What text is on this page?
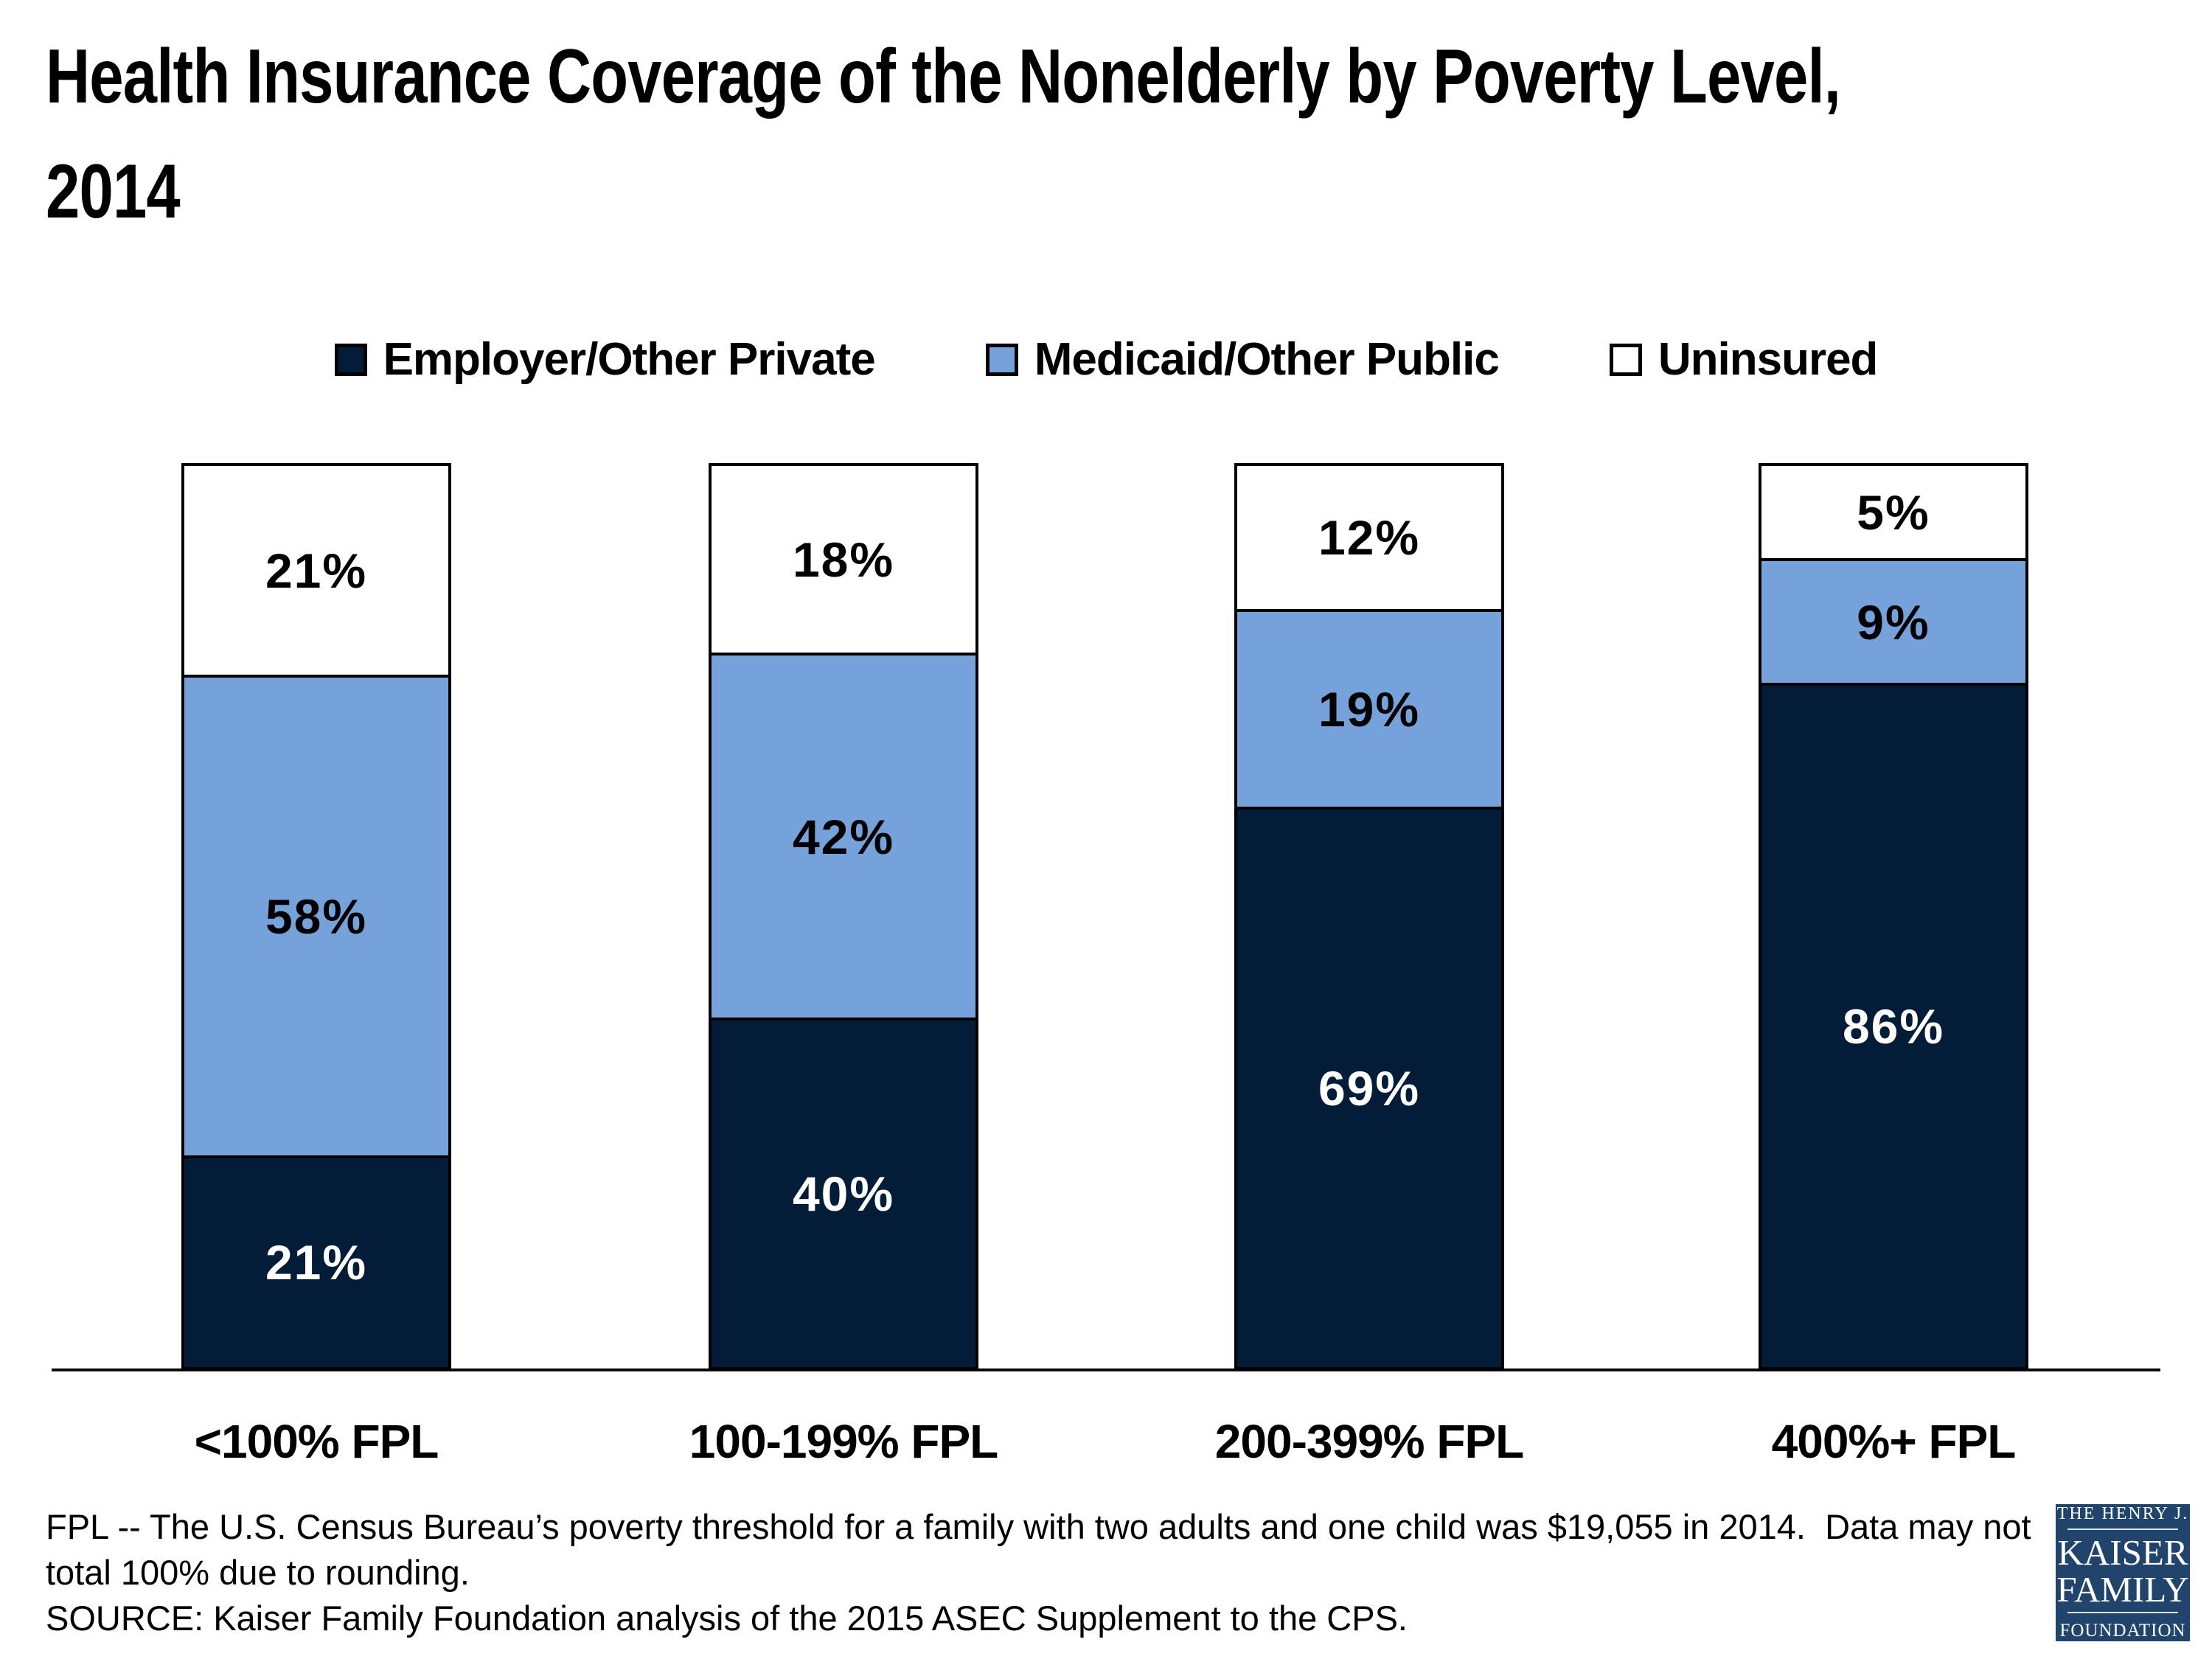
Health Insurance Coverage of the Nonelderly by Poverty Level,
2014
Employer/Other Private	Medicaid/Other Public	Uninsured
21%
58%
21%
<100% FPL
40%
42%
18%
100-199% FPL
69%
19%
12%
200-399% FPL
86%
9%
5%
400%+ FPL
FPL -- The U.S. Census Bureau’s poverty threshold for a family with two adults and one child was $19,055 in 2014.  Data may not
total 100% due to rounding.
SOURCE: Kaiser Family Foundation analysis of the 2015 ASEC Supplement to the CPS.
THE HENRY J.
KAISER
FAMILY
FOUNDATION
